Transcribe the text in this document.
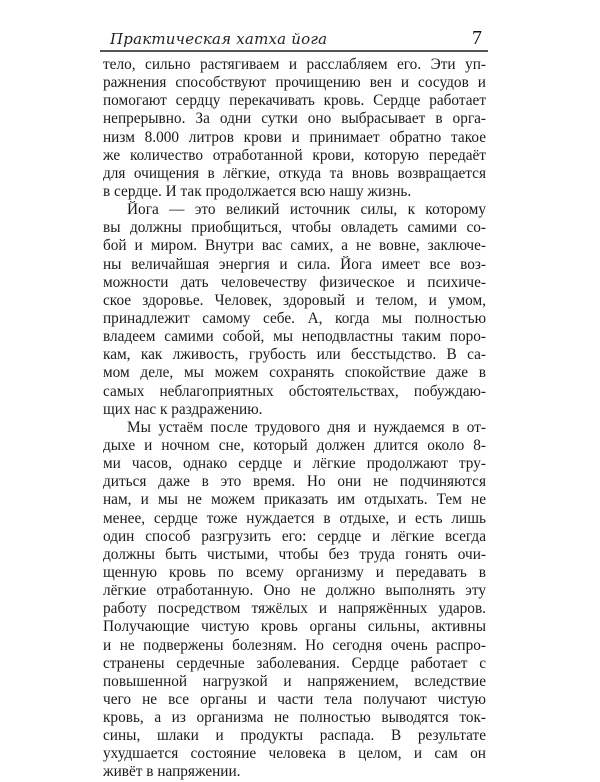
Практическая хатха йога	7
тело, сильно растягиваем и расслабляем его. Эти уп-
ражнения способствуют прочищению вен и сосудов и
помогают сердцу перекачивать кровь. Сердце работает
непрерывно. За одни сутки оно выбрасывает в орга-
низм 8.000 литров крови и принимает обратно такое
же количество отработанной крови, которую передаёт
для очищения в лёгкие, откуда та вновь возвращается
в сердце. И так продолжается всю нашу жизнь.
Йога — это великий источник силы, к которому
вы должны приобщиться, чтобы овладеть самими со-
бой и миром. Внутри вас самих, а не вовне, заключе-
ны величайшая энергия и сила. Йога имеет все воз-
можности дать человечеству физическое и психиче-
ское здоровье. Человек, здоровый и телом, и умом,
принадлежит самому себе. А, когда мы полностью
владеем самими собой, мы неподвластны таким поро-
кам, как лживость, грубость или бесстыдство. В са-
мом деле, мы можем сохранять спокойствие даже в
самых неблагоприятных обстоятельствах, побуждаю-
щих нас к раздражению.
Мы устаём после трудового дня и нуждаемся в от-
дыхе и ночном сне, который должен длится около 8-
ми часов, однако сердце и лёгкие продолжают тру-
диться даже в это время. Но они не подчиняются
нам, и мы не можем приказать им отдыхать. Тем не
менее, сердце тоже нуждается в отдыхе, и есть лишь
один способ разгрузить его: сердце и лёгкие всегда
должны быть чистыми, чтобы без труда гонять очи-
щенную кровь по всему организму и передавать в
лёгкие отработанную. Оно не должно выполнять эту
работу посредством тяжёлых и напряжённых ударов.
Получающие чистую кровь органы сильны, активны
и не подвержены болезням. Но сегодня очень распро-
странены сердечные заболевания. Сердце работает с
повышенной нагрузкой и напряжением, вследствие
чего не все органы и части тела получают чистую
кровь, а из организма не полностью выводятся ток-
сины, шлаки и продукты распада. В результате
ухудшается состояние человека в целом, и сам он
живёт в напряжении.
